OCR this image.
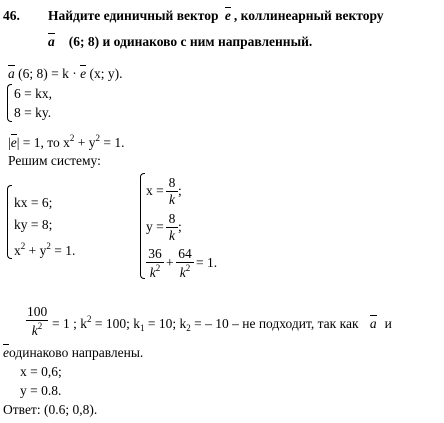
46. Найдите единичный вектор e , коллинеарный вектору
a (6; 8) и одинаково с ним направленный.
a (6; 8) = k · e (x; y).
6 = kx,
8 = ky.
|e| = 1, то $x^2 + y^2 = 1$.
Решим систему:
kx = 6;
ky = 8;
$x^2 + y^2 = 1$.
$x = \frac{8}{k}$ ;
$y = \frac{8}{k}$ ;
$\frac{36}{k^2} + \frac{64}{k^2} = 1$.
$\frac{100}{k^2} = 1$ ; $k^2 = 100$; $k_1 = 10$; $k_2$ = – 10 – не подходит, так как a и
eодинаково направлены.
x = 0,6;
y = 0.8.
Ответ: (0.6; 0,8).
